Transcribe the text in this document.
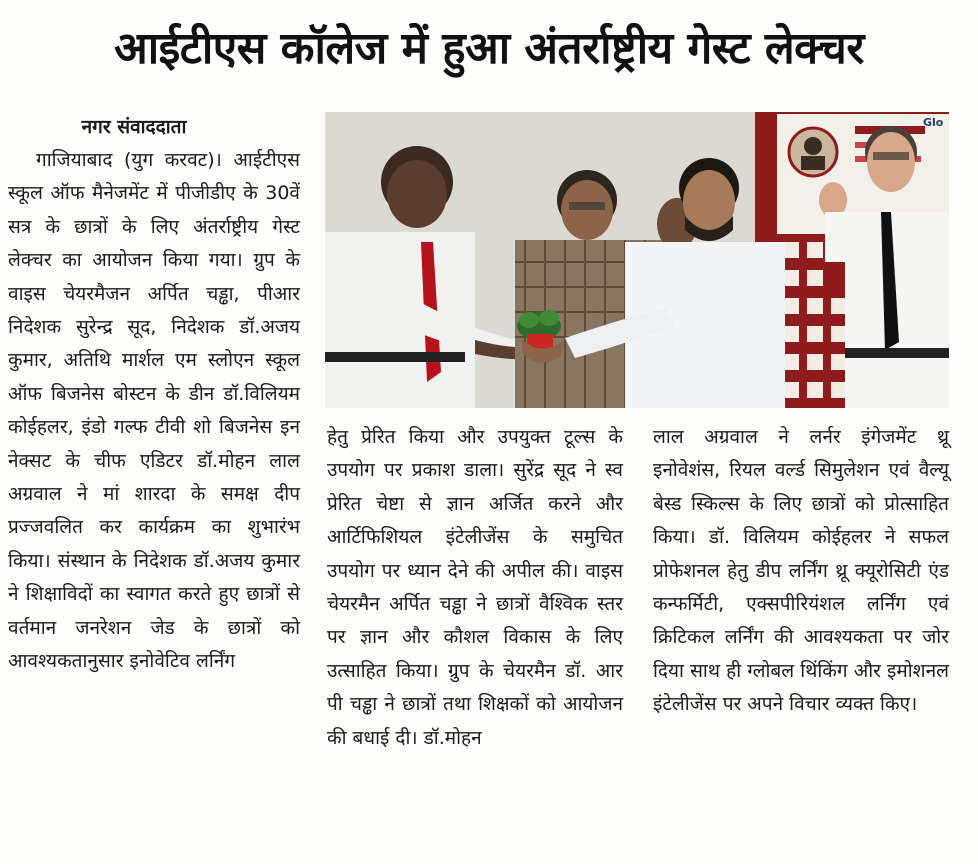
आईटीएस कॉलेज में हुआ अंतर्राष्ट्रीय गेस्ट लेक्चर
नगर संवाददाता
गाजियाबाद (युग करवट)। आईटीएस स्कूल ऑफ मैनेजमेंट में पीजीडीए के 30वें सत्र के छात्रों के लिए अंतर्राष्ट्रीय गेस्ट लेक्चर का आयोजन किया गया। ग्रुप के वाइस चेयरमैजन अर्पित चड्ढा, पीआर निदेशक सुरेन्द्र सूद, निदेशक डॉ.अजय कुमार, अतिथि मार्शल एम स्लोएन स्कूल ऑफ बिजनेस बोस्टन के डीन डॉ.विलियम कोईहलर, इंडो गल्फ टीवी शो बिजनेस इन नेक्सट के चीफ एडिटर डॉ.मोहन लाल अग्रवाल ने मां शारदा के समक्ष दीप प्रज्जवलित कर कार्यक्रम का शुभारंभ किया। संस्थान के निदेशक डॉ.अजय कुमार ने शिक्षाविदों का स्वागत करते हुए छात्रों से वर्तमान जनरेशन जेड के छात्रों को आवश्यकतानुसार इनोवेटिव लर्निंग
Glo
हेतु प्रेरित किया और उपयुक्त टूल्स के उपयोग पर प्रकाश डाला। सुरेंद्र सूद ने स्व प्रेरित चेष्टा से ज्ञान अर्जित करने और आर्टिफिशियल इंटेलीजेंस के समुचित उपयोग पर ध्यान देने की अपील की। वाइस चेयरमैन अर्पित चड्ढा ने छात्रों वैश्विक स्तर पर ज्ञान और कौशल विकास के लिए उत्साहित किया। ग्रुप के चेयरमैन डॉ. आर पी चड्ढा ने छात्रों तथा शिक्षकों को आयोजन की बधाई दी। डॉ.मोहन
लाल अग्रवाल ने लर्नर इंगेजमेंट थ्रू इनोवेशंस, रियल वर्ल्ड सिमुलेशन एवं वैल्यू बेस्ड स्किल्स के लिए छात्रों को प्रोत्साहित किया। डॉ. विलियम कोईहलर ने सफल प्रोफेशनल हेतु डीप लर्निंग थ्रू क्यूरोसिटी एंड कन्फर्मिटी, एक्सपीरियंशल लर्निंग एवं क्रिटिकल लर्निंग की आवश्यकता पर जोर दिया साथ ही ग्लोबल थिंकिंग और इमोशनल इंटेलीजेंस पर अपने विचार व्यक्त किए।
